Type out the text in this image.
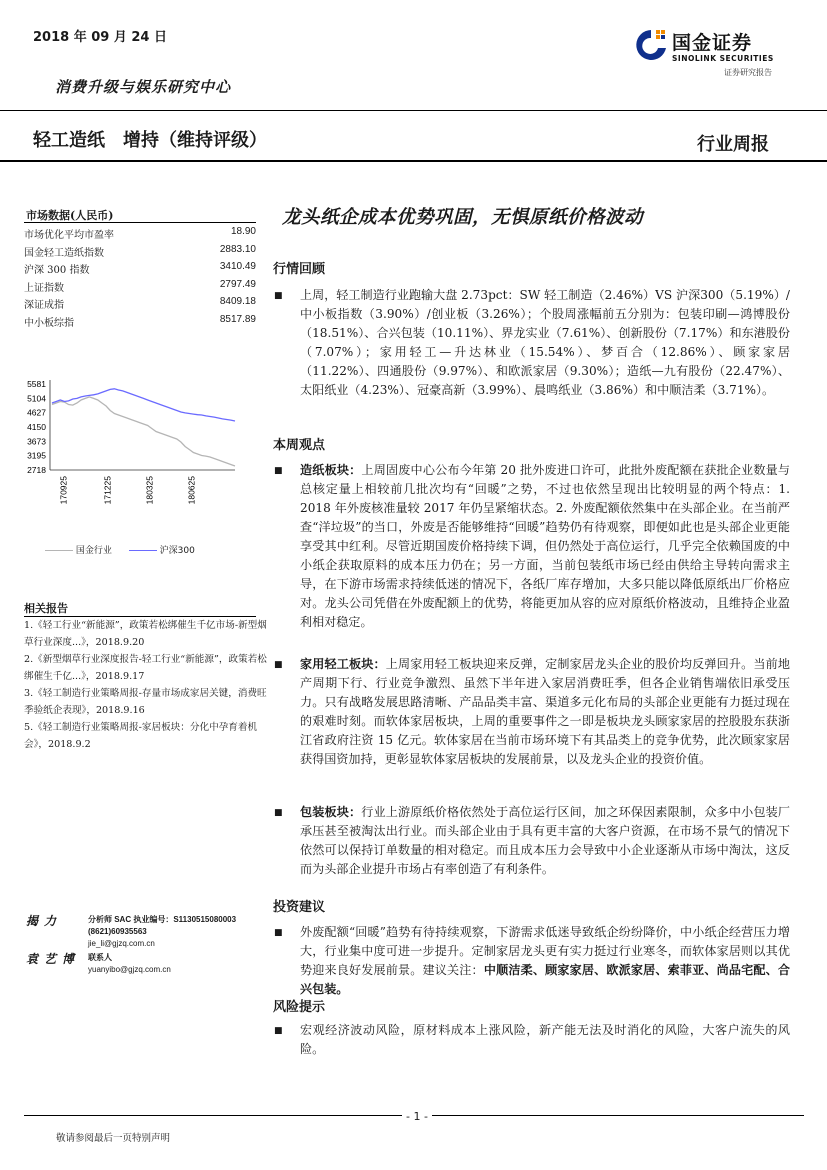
2018 年 09 月 24 日
消费升级与娱乐研究中心
国金证券
SINOLINK SECURITIES
证券研究报告
轻工造纸　增持（维持评级）	行业周报
市场数据(人民币)
市场优化平均市盈率	18.90
国金轻工造纸指数	2883.10
沪深 300 指数	3410.49
上证指数	2797.49
深证成指	8409.18
中小板综指	8517.89
5581
5104
4627
4150
3673
3195
2718
170925	171225	180325	180625
国金行业	沪深300
相关报告
1.《轻工行业“新能源”，政策若松绑催生千亿市场-新型烟草行业深度...》，2018.9.20
2.《新型烟草行业深度报告-轻工行业“新能源”，政策若松绑催生千亿...》，2018.9.17
3.《轻工制造行业策略周报-存量市场成家居关键，消费旺季验纸企表现》，2018.9.16
5.《轻工制造行业策略周报-家居板块：分化中孕育着机会》，2018.9.2
揭力	分析师 SAC 执业编号：S1130515080003
(8621)60935563
jie_li@gjzq.com.cn
袁艺博 联系人
yuanyibo@gjzq.com.cn
龙头纸企成本优势巩固，无惧原纸价格波动
行情回顾
■ 上周，轻工制造行业跑输大盘 2.73pct：SW 轻工制造（2.46%）VS 沪深300（5.19%）/中小板指数（3.90%）/创业板（3.26%）；个股周涨幅前五分别为：包装印刷—鸿博股份（18.51%）、合兴包装（10.11%）、界龙实业（7.61%）、创新股份（7.17%）和东港股份（7.07%）；家用轻工—升达林业（15.54%）、梦百合（12.86%）、顾家家居（11.22%）、四通股份（9.97%）、和欧派家居（9.30%）；造纸—九有股份（22.47%）、太阳纸业（4.23%）、冠豪高新（3.99%）、晨鸣纸业（3.86%）和中顺洁柔（3.71%）。
本周观点
■ 造纸板块：上周固废中心公布今年第 20 批外废进口许可，此批外废配额在获批企业数量与总核定量上相较前几批次均有“回暖”之势，不过也依然呈现出比较明显的两个特点：1. 2018 年外废核准量较 2017 年仍呈紧缩状态。2. 外废配额依然集中在头部企业。在当前严查“洋垃圾”的当口，外废是否能够维持“回暖”趋势仍有待观察，即便如此也是头部企业更能享受其中红利。尽管近期国废价格持续下调，但仍然处于高位运行，几乎完全依赖国废的中小纸企获取原料的成本压力仍在；另一方面，当前包装纸市场已经由供给主导转向需求主导，在下游市场需求持续低迷的情况下，各纸厂库存增加，大多只能以降低原纸出厂价格应对。龙头公司凭借在外废配额上的优势，将能更加从容的应对原纸价格波动，且维持企业盈利相对稳定。
■ 家用轻工板块：上周家用轻工板块迎来反弹，定制家居龙头企业的股价均反弹回升。当前地产周期下行、行业竞争激烈、虽然下半年进入家居消费旺季，但各企业销售端依旧承受压力。只有战略发展思路清晰、产品品类丰富、渠道多元化布局的头部企业更能有力挺过现在的艰难时刻。而软体家居板块，上周的重要事件之一即是板块龙头顾家家居的控股股东获浙江省政府注资 15 亿元。软体家居在当前市场环境下有其品类上的竞争优势，此次顾家家居获得国资加持，更彰显软体家居板块的发展前景，以及龙头企业的投资价值。
■ 包装板块：行业上游原纸价格依然处于高位运行区间，加之环保因素限制，众多中小包装厂承压甚至被淘汰出行业。而头部企业由于具有更丰富的大客户资源，在市场不景气的情况下依然可以保持订单数量的相对稳定。而且成本压力会导致中小企业逐渐从市场中淘汰，这反而为头部企业提升市场占有率创造了有利条件。
投资建议
■ 外废配额“回暖”趋势有待持续观察，下游需求低迷导致纸企纷纷降价，中小纸企经营压力增大，行业集中度可进一步提升。定制家居龙头更有实力挺过行业寒冬，而软体家居则以其优势迎来良好发展前景。建议关注：中顺洁柔、顾家家居、欧派家居、索菲亚、尚品宅配、合兴包装。
风险提示
■ 宏观经济波动风险，原材料成本上涨风险，新产能无法及时消化的风险，大客户流失的风险。
- 1 -
敬请参阅最后一页特别声明
